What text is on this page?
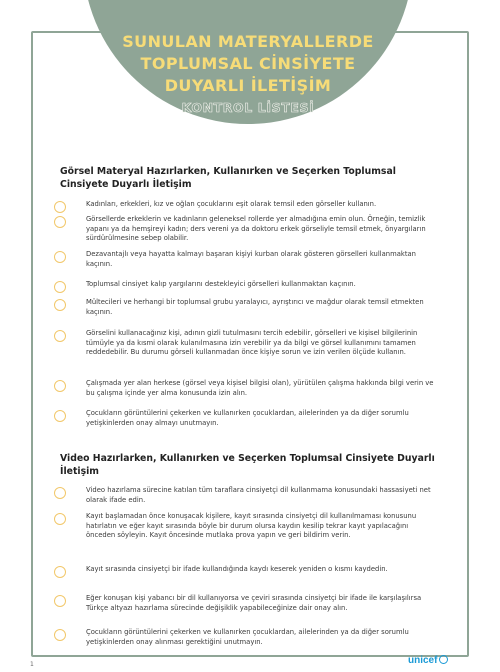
SUNULAN MATERYALLERDE
TOPLUMSAL CİNSİYETE
DUYARLI İLETİŞİM
KONTROL LİSTESİ
Görsel Materyal Hazırlarken, Kullanırken ve Seçerken Toplumsal Cinsiyete Duyarlı İletişim
Kadınları, erkekleri, kız ve oğlan çocuklarını eşit olarak temsil eden görseller kullanın.
Görsellerde erkeklerin ve kadınların geleneksel rollerde yer almadığına emin olun. Örneğin, temizlik yapanı ya da hemşireyi kadın; ders vereni ya da doktoru erkek görseliyle temsil etmek, önyargıların sürdürülmesine sebep olabilir.
Dezavantajlı veya hayatta kalmayı başaran kişiyi kurban olarak gösteren görselleri kullanmaktan kaçının.
Toplumsal cinsiyet kalıp yargılarını destekleyici görselleri kullanmaktan kaçının.
Mültecileri ve herhangi bir toplumsal grubu yaralayıcı, ayrıştırıcı ve mağdur olarak temsil etmekten kaçının.
Görselini kullanacağınız kişi, adının gizli tutulmasını tercih edebilir, görselleri ve kişisel bilgilerinin tümüyle ya da kısmi olarak kulanılmasına izin verebilir ya da bilgi ve görsel kullanımını tamamen reddedebilir. Bu durumu görseli kullanmadan önce kişiye sorun ve izin verilen ölçüde kullanın.
Çalışmada yer alan herkese (görsel veya kişisel bilgisi olan), yürütülen çalışma hakkında bilgi verin ve bu çalışma içinde yer alma konusunda izin alın.
Çocukların görüntülerini çekerken ve kullanırken çocuklardan, ailelerinden ya da diğer sorumlu yetişkinlerden onay almayı unutmayın.
Video Hazırlarken, Kullanırken ve Seçerken Toplumsal Cinsiyete Duyarlı İletişim
Video hazırlama sürecine katılan tüm taraflara cinsiyetçi dil kullanmama konusundaki hassasiyeti net olarak ifade edin.
Kayıt başlamadan önce konuşacak kişilere, kayıt sırasında cinsiyetçi dil kullanılmaması konusunu hatırlatın ve eğer kayıt sırasında böyle bir durum olursa kaydın kesilip tekrar kayıt yapılacağını önceden söyleyin. Kayıt öncesinde mutlaka prova yapın ve geri bildirim verin.
Kayıt sırasında cinsiyetçi bir ifade kullandığında kaydı keserek yeniden o kısmı kaydedin.
Eğer konuşan kişi yabancı bir dil kullanıyorsa ve çeviri sırasında cinsiyetçi bir ifade ile karşılaşılırsa Türkçe altyazı hazırlama sürecinde değişiklik yapabileceğinize dair onay alın.
Çocukların görüntülerini çekerken ve kullanırken çocuklardan, ailelerinden ya da diğer sorumlu yetişkinlerden onay alınması gerektiğini unutmayın.
1	unicef
